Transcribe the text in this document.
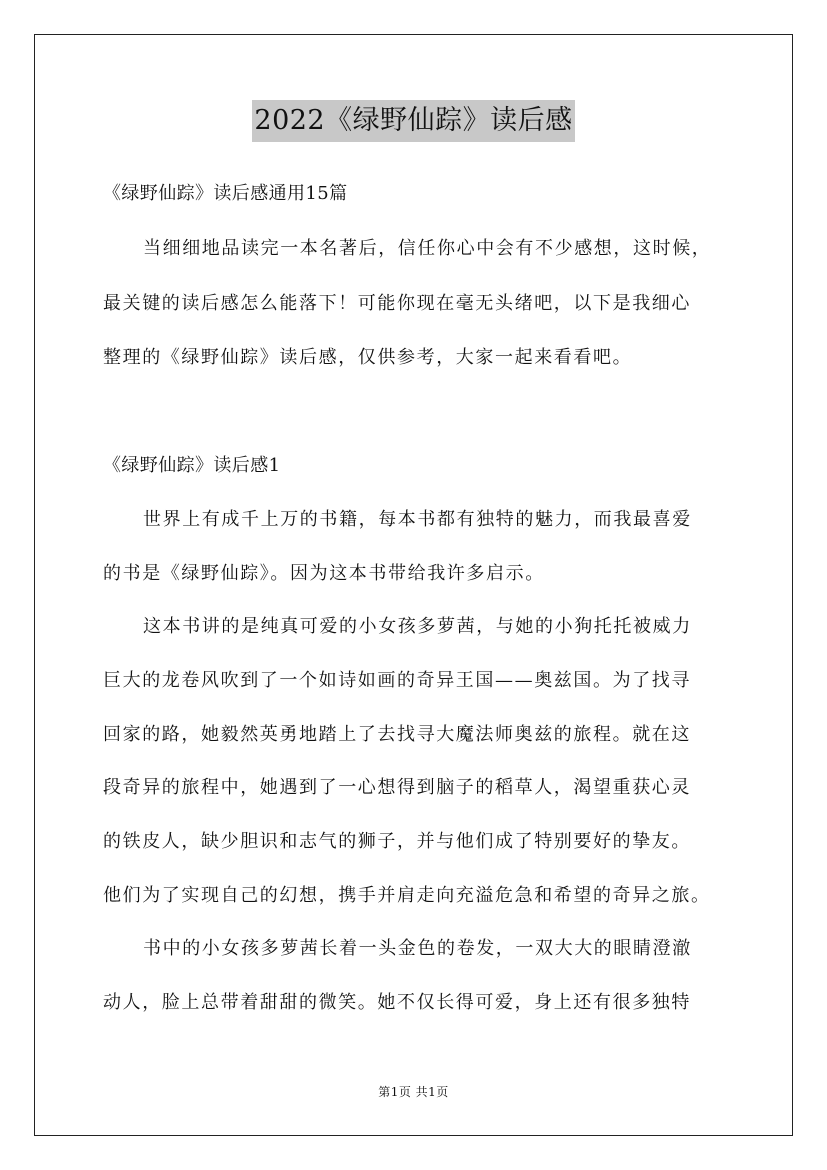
2022《绿野仙踪》读后感
《绿野仙踪》读后感通用15篇
当细细地品读完一本名著后，信任你心中会有不少感想，这时候，
最关键的读后感怎么能落下！可能你现在毫无头绪吧，以下是我细心
整理的《绿野仙踪》读后感，仅供参考，大家一起来看看吧。
《绿野仙踪》读后感1
世界上有成千上万的书籍，每本书都有独特的魅力，而我最喜爱
的书是《绿野仙踪》。因为这本书带给我许多启示。
这本书讲的是纯真可爱的小女孩多萝茜，与她的小狗托托被威力
巨大的龙卷风吹到了一个如诗如画的奇异王国——奥兹国。为了找寻
回家的路，她毅然英勇地踏上了去找寻大魔法师奥兹的旅程。就在这
段奇异的旅程中，她遇到了一心想得到脑子的稻草人，渴望重获心灵
的铁皮人，缺少胆识和志气的狮子，并与他们成了特别要好的挚友。
他们为了实现自己的幻想，携手并肩走向充溢危急和希望的奇异之旅。
书中的小女孩多萝茜长着一头金色的卷发，一双大大的眼睛澄澈
动人，脸上总带着甜甜的微笑。她不仅长得可爱，身上还有很多独特
第1页 共1页
